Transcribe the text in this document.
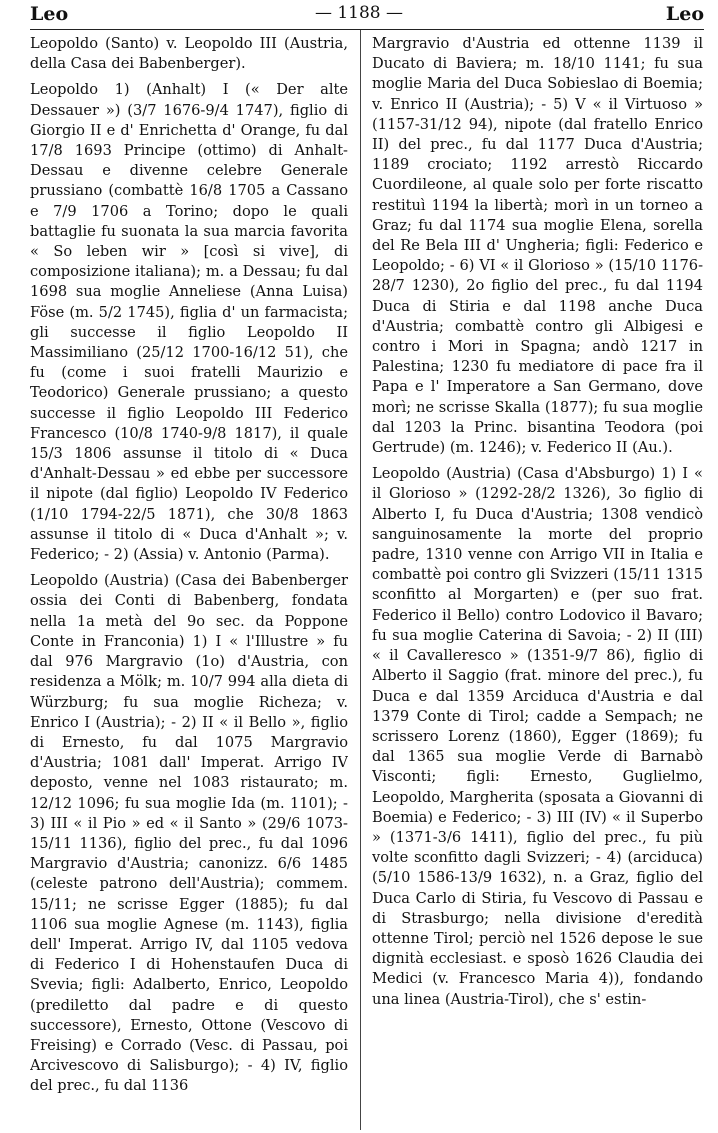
Leo	— 1188 —	Leo

Leopoldo (Santo) v. Leopoldo III (Austria, della Casa dei Babenberger).

Leopoldo 1) (Anhalt) I (« Der alte Dessauer ») (3/7 1676-9/4 1747), figlio di Giorgio II e d' Enrichetta d' Orange, fu dal 17/8 1693 Principe (ottimo) di Anhalt-Dessau e divenne celebre Generale prussiano (combattè 16/8 1705 a Cassano e 7/9 1706 a Torino; dopo le quali battaglie fu suonata la sua marcia favorita « So leben wir » [così si vive], di composizione italiana); m. a Dessau; fu dal 1698 sua moglie Anneliese (Anna Luisa) Föse (m. 5/2 1745), figlia d' un farmacista; gli successe il figlio Leopoldo II Massimiliano (25/12 1700-16/12 51), che fu (come i suoi fratelli Maurizio e Teodorico) Generale prussiano; a questo successe il figlio Leopoldo III Federico Francesco (10/8 1740-9/8 1817), il quale 15/3 1806 assunse il titolo di « Duca d'Anhalt-Dessau » ed ebbe per successore il nipote (dal figlio) Leopoldo IV Federico (1/10 1794-22/5 1871), che 30/8 1863 assunse il titolo di « Duca d'Anhalt »; v. Federico; - 2) (Assia) v. Antonio (Parma).

Leopoldo (Austria) (Casa dei Babenberger ossia dei Conti di Babenberg, fondata nella 1a metà del 9o sec. da Poppone Conte in Franconia) 1) I « l'Illustre » fu dal 976 Margravio (1o) d'Austria, con residenza a Mölk; m. 10/7 994 alla dieta di Würzburg; fu sua moglie Richeza; v. Enrico I (Austria); - 2) II « il Bello », figlio di Ernesto, fu dal 1075 Margravio d'Austria; 1081 dall' Imperat. Arrigo IV deposto, venne nel 1083 ristaurato; m. 12/12 1096; fu sua moglie Ida (m. 1101); - 3) III « il Pio » ed « il Santo » (29/6 1073-15/11 1136), figlio del prec., fu dal 1096 Margravio d'Austria; canonizz. 6/6 1485 (celeste patrono dell'Austria); commem. 15/11; ne scrisse Egger (1885); fu dal 1106 sua moglie Agnese (m. 1143), figlia dell' Imperat. Arrigo IV, dal 1105 vedova di Federico I di Hohenstaufen Duca di Svevia; figli: Adalberto, Enrico, Leopoldo (prediletto dal padre e di questo successore), Ernesto, Ottone (Vescovo di Freising) e Corrado (Vesc. di Passau, poi Arcivescovo di Salisburgo); - 4) IV, figlio del prec., fu dal 1136

Margravio d'Austria ed ottenne 1139 il Ducato di Baviera; m. 18/10 1141; fu sua moglie Maria del Duca Sobieslao di Boemia; v. Enrico II (Austria); - 5) V « il Virtuoso » (1157-31/12 94), nipote (dal fratello Enrico II) del prec., fu dal 1177 Duca d'Austria; 1189 crociato; 1192 arrestò Riccardo Cuordileone, al quale solo per forte riscatto restituì 1194 la libertà; morì in un torneo a Graz; fu dal 1174 sua moglie Elena, sorella del Re Bela III d' Ungheria; figli: Federico e Leopoldo; - 6) VI « il Glorioso » (15/10 1176-28/7 1230), 2o figlio del prec., fu dal 1194 Duca di Stiria e dal 1198 anche Duca d'Austria; combattè contro gli Albigesi e contro i Mori in Spagna; andò 1217 in Palestina; 1230 fu mediatore di pace fra il Papa e l' Imperatore a San Germano, dove morì; ne scrisse Skalla (1877); fu sua moglie dal 1203 la Princ. bisantina Teodora (poi Gertrude) (m. 1246); v. Federico II (Au.).

Leopoldo (Austria) (Casa d'Absburgo) 1) I « il Glorioso » (1292-28/2 1326), 3o figlio di Alberto I, fu Duca d'Austria; 1308 vendicò sanguinosamente la morte del proprio padre, 1310 venne con Arrigo VII in Italia e combattè poi contro gli Svizzeri (15/11 1315 sconfitto al Morgarten) e (per suo frat. Federico il Bello) contro Lodovico il Bavaro; fu sua moglie Caterina di Savoia; - 2) II (III) « il Cavalleresco » (1351-9/7 86), figlio di Alberto il Saggio (frat. minore del prec.), fu Duca e dal 1359 Arciduca d'Austria e dal 1379 Conte di Tirol; cadde a Sempach; ne scrissero Lorenz (1860), Egger (1869); fu dal 1365 sua moglie Verde di Barnabò Visconti; figli: Ernesto, Guglielmo, Leopoldo, Margherita (sposata a Giovanni di Boemia) e Federico; - 3) III (IV) « il Superbo » (1371-3/6 1411), figlio del prec., fu più volte sconfitto dagli Svizzeri; - 4) (arciduca) (5/10 1586-13/9 1632), n. a Graz, figlio del Duca Carlo di Stiria, fu Vescovo di Passau e di Strasburgo; nella divisione d'eredità ottenne Tirol; perciò nel 1526 depose le sue dignità ecclesiast. e sposò 1626 Claudia dei Medici (v. Francesco Maria 4)), fondando una linea (Austria-Tirol), che s' estin-
